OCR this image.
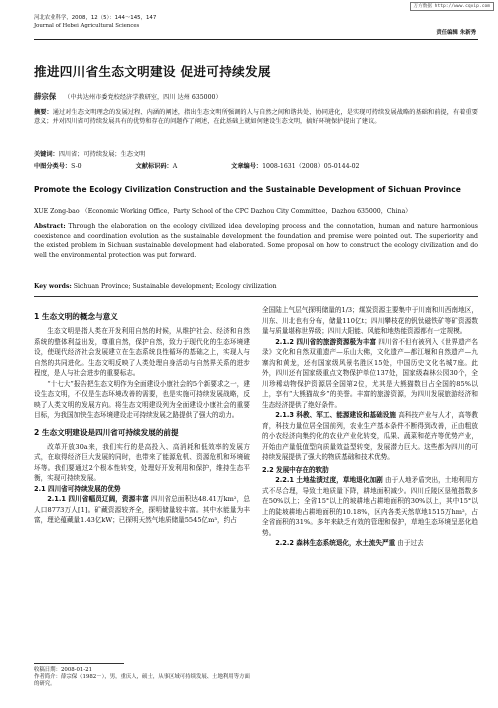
万方数据 http://www.cqvip.com
河北农业科学，2008，12（5）：144～145，147
Journal of Hebei Agricultural Sciences
责任编辑 朱新秀
推进四川省生态文明建设 促进可持续发展
薛宗保 （中共达州市委党校经济学教研室，四川 达州 635000）
摘要：通过对生态文明理念的发展过程、内涵的阐述，指出生态文明所强调的人与自然之间和谐共处、协同进化，是实现可持续发展战略的基础和前提，有着重要意义；并对四川省可持续发展具有的优势和存在的问题作了阐述，在此基础上就如何建设生态文明，搞好环境保护提出了建议。
关键词：四川省；可持续发展；生态文明
中图分类号：S-0	文献标识码：A	文章编号：1008-1631（2008）05-0144-02
Promote the Ecology Civilization Construction and the Sustainable Development of Sichuan Province
XUE Zong-bao （Economic Working Office，Party School of the CPC Dazhou City Committee，Dazhou 635000，China）
Abstract: Through the elaboration on the ecology civilized idea developing process and the connotation, human and nature harmonious coexistence and coordination evolution as the sustainable development the foundation and premise were pointed out. The superiority and the existed problem in Sichuan sustainable development had elaborated. Some proposal on how to construct the ecology civilization and do well the environmental protection was put forward.
Key words: Sichuan Province; Sustainable development; Ecology civilization
1 生态文明的概念与意义

生态文明是指人类在开发利用自然的时候，从维护社会、经济和自然系统的整体利益出发，尊重自然，保护自然，致力于现代化的生态环境建设，使现代经济社会发展建立在生态系统良性循环的基础之上，实现人与自然的共同进化。生态文明反映了人类处理自身活动与自然界关系的进步程度，是人与社会进步的重要标志。

“十七大”报告把生态文明作为全面建设小康社会的5个新要求之一，建设生态文明，不仅是生态环境改善的需要，也是实施可持续发展战略，反映了人类文明的发展方向。将生态文明建设列为全面建设小康社会的重要目标，为我国加快生态环境建设走可持续发展之路提供了强大的动力。

2 生态文明建设是四川省可持续发展的前提

改革开放30a来，我们实行的是高投入、高消耗和低效率的发展方式，在取得经济巨大发展的同时，也带来了能源危机、资源危机和环境破坏等。我们要通过2个根本性转变，处理好开发利用和保护，维持生态平衡，实现可持续发展。

2.1 四川省可持续发展的优势

2.1.1 四川省幅员辽阔，资源丰富 四川省总面积达48.41万km²，总人口8773万人[1]。矿藏资源较齐全，探明储量较丰富。其中水能量为丰富，理论蕴藏量1.43亿kW；已探明天然气地质储量5545亿m³，约占

收稿日期：2008-01-21
作者简介：薛宗保（1982－），男，重庆人，硕士，从事区域可持续发展、土地利用等方面的研究。

全国陆上气层气探明储量的1/3；煤炭资源主要集中于川南和川西南地区，川东、川北也有分布，储量110亿t；四川攀枝花的钒钛磁铁矿等矿资源数量与质量堪称世界级；四川大阳能、风能和地热能资源都有一定规模。

2.1.2 四川省的旅游资源极为丰富 四川省不但有被列入《世界遗产名录》文化和自然双重遗产—乐山大佛，文化遗产—都江堰和自然遗产—九寨沟和黄龙，还有国家级风景名胜区15处，中国历史文化名城7座。此外，四川还有国家级重点文物保护单位137处，国家级森林公园30个，全川珍稀动物保护资源居全国第2位，尤其是大熊猫数目占全国的85%以上，享有“大熊猫故乡”的美誉。丰富的旅游资源，为四川发展旅游经济和生态经济提供了绝好条件。

2.1.3 科教、军工、能源建设和基础设施 高科技产业与人才，高等教育，科技力量位居全国前列，农业生产基本条件不断得到改善，正由粗放的小农经济向集约化的农业产业化转变，瓜果、蔬菜和花卉等优势产业，开始由产量低值型向质量效益型转变，发展潜力巨大。这些都为四川的可持续发展提供了强大的物质基础和技术优势。

2.2 发展中存在的软肋

2.2.1 土地盐渍过度，草地退化加剧 由于人地矛盾突出，土地利用方式不尽合理，导致土地质量下降，耕地面积减少。四川丘陵区垦殖指数多在50%以上；全省15°以上的坡耕地占耕地面积的30%以上，其中15°以上的陡坡耕地占耕地面积的10.18%，区内各类天然草地1515万hm²，占全省面积的31%。多年来缺乏有效的管理和保护，草地生态环境呈恶化趋势。

2.2.2 森林生态系统退化，水土流失严重 由于过去
